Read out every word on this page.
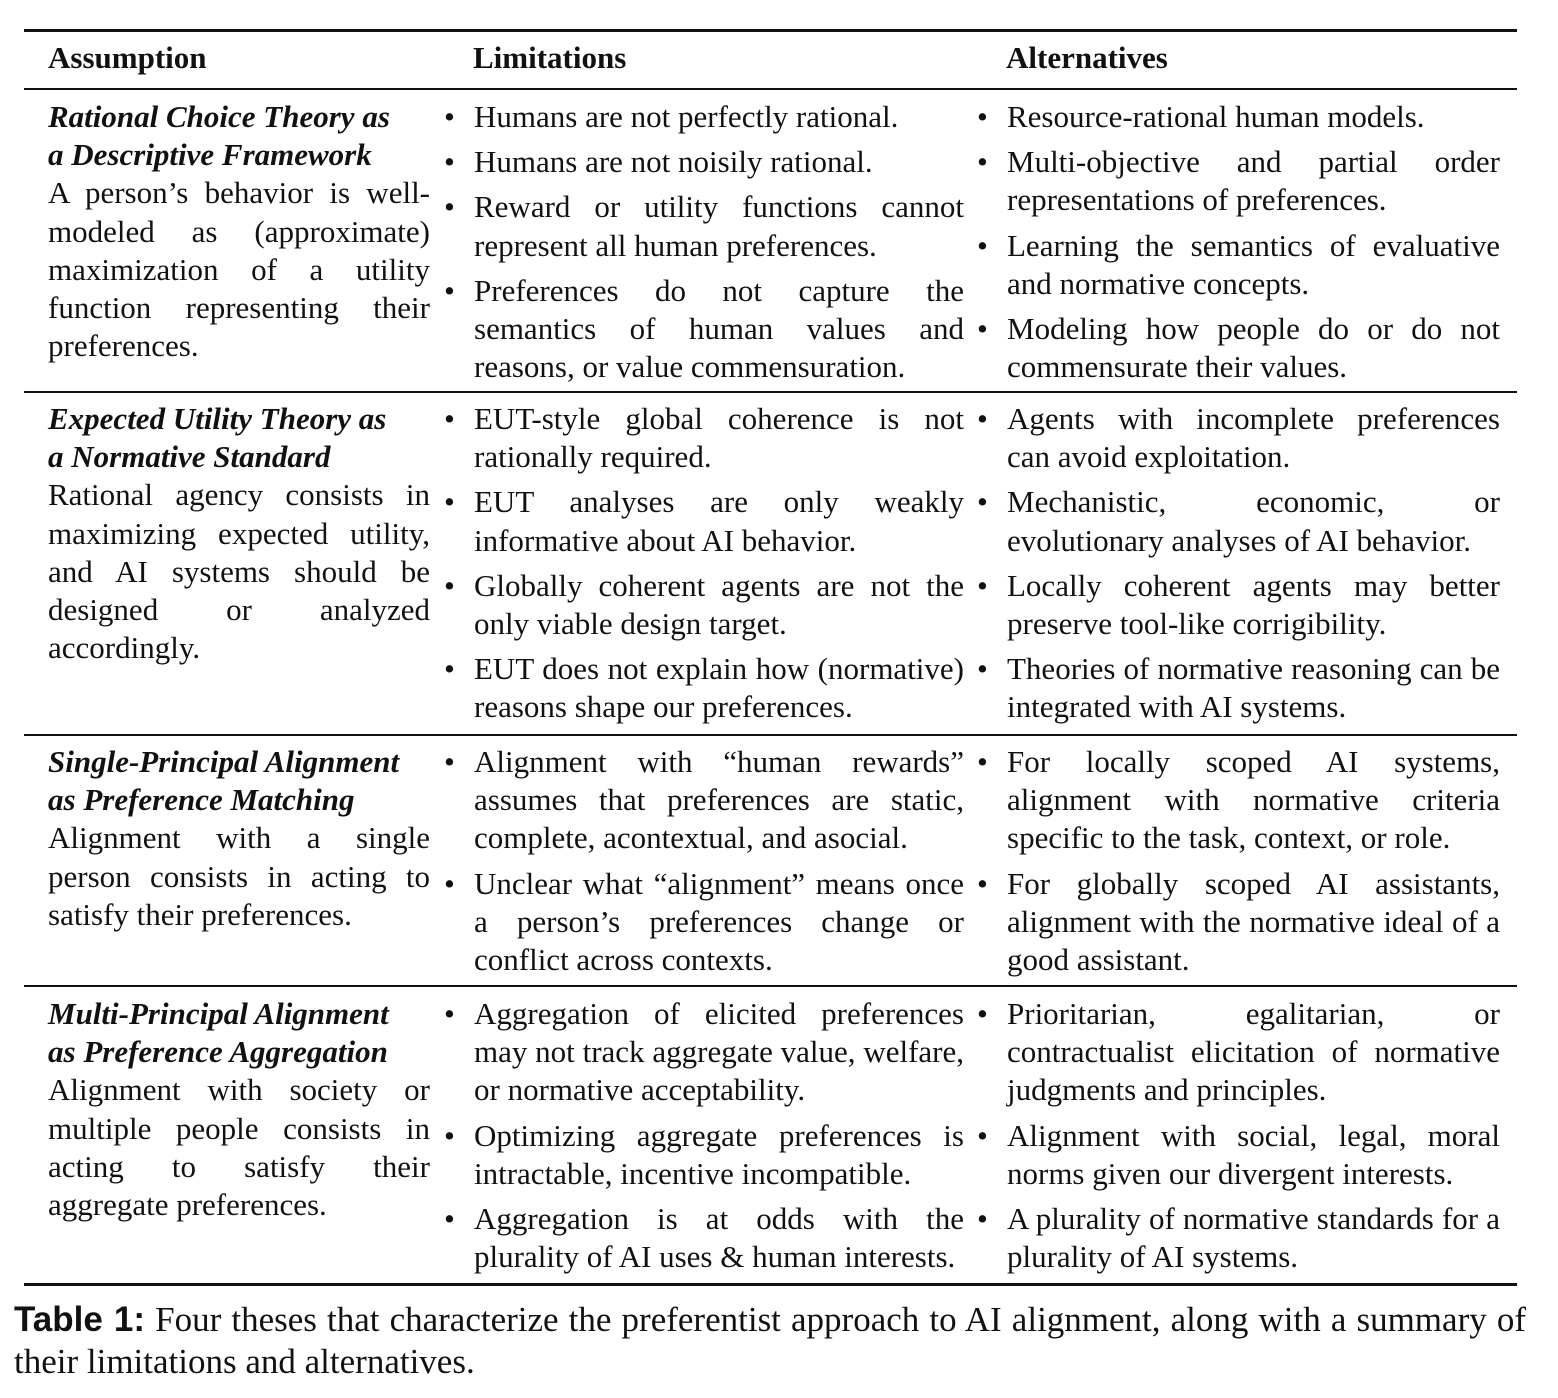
Assumption	Limitations	Alternatives
Rational Choice Theory as
a Descriptive Framework
A person’s behavior is well-modeled as (approximate) maximization of a utility function representing their preferences.
• Humans are not perfectly rational.
• Humans are not noisily rational.
• Reward or utility functions cannot represent all human preferences.
• Preferences do not capture the semantics of human values and reasons, or value commensuration.
• Resource-rational human models.
• Multi-objective and partial order representations of preferences.
• Learning the semantics of evaluative and normative concepts.
• Modeling how people do or do not commensurate their values.
Expected Utility Theory as
a Normative Standard
Rational agency consists in maximizing expected utility, and AI systems should be designed or analyzed accordingly.
• EUT-style global coherence is not rationally required.
• EUT analyses are only weakly informative about AI behavior.
• Globally coherent agents are not the only viable design target.
• EUT does not explain how (normative) reasons shape our preferences.
• Agents with incomplete preferences can avoid exploitation.
• Mechanistic, economic, or evolutionary analyses of AI behavior.
• Locally coherent agents may better preserve tool-like corrigibility.
• Theories of normative reasoning can be integrated with AI systems.
Single-Principal Alignment
as Preference Matching
Alignment with a single person consists in acting to satisfy their preferences.
• Alignment with “human rewards” assumes that preferences are static, complete, acontextual, and asocial.
• Unclear what “alignment” means once a person’s preferences change or conflict across contexts.
• For locally scoped AI systems, alignment with normative criteria specific to the task, context, or role.
• For globally scoped AI assistants, alignment with the normative ideal of a good assistant.
Multi-Principal Alignment
as Preference Aggregation
Alignment with society or multiple people consists in acting to satisfy their aggregate preferences.
• Aggregation of elicited preferences may not track aggregate value, welfare, or normative acceptability.
• Optimizing aggregate preferences is intractable, incentive incompatible.
• Aggregation is at odds with the plurality of AI uses & human interests.
• Prioritarian, egalitarian, or contractualist elicitation of normative judgments and principles.
• Alignment with social, legal, moral norms given our divergent interests.
• A plurality of normative standards for a plurality of AI systems.
Table 1: Four theses that characterize the preferentist approach to AI alignment, along with a summary of their limitations and alternatives.
